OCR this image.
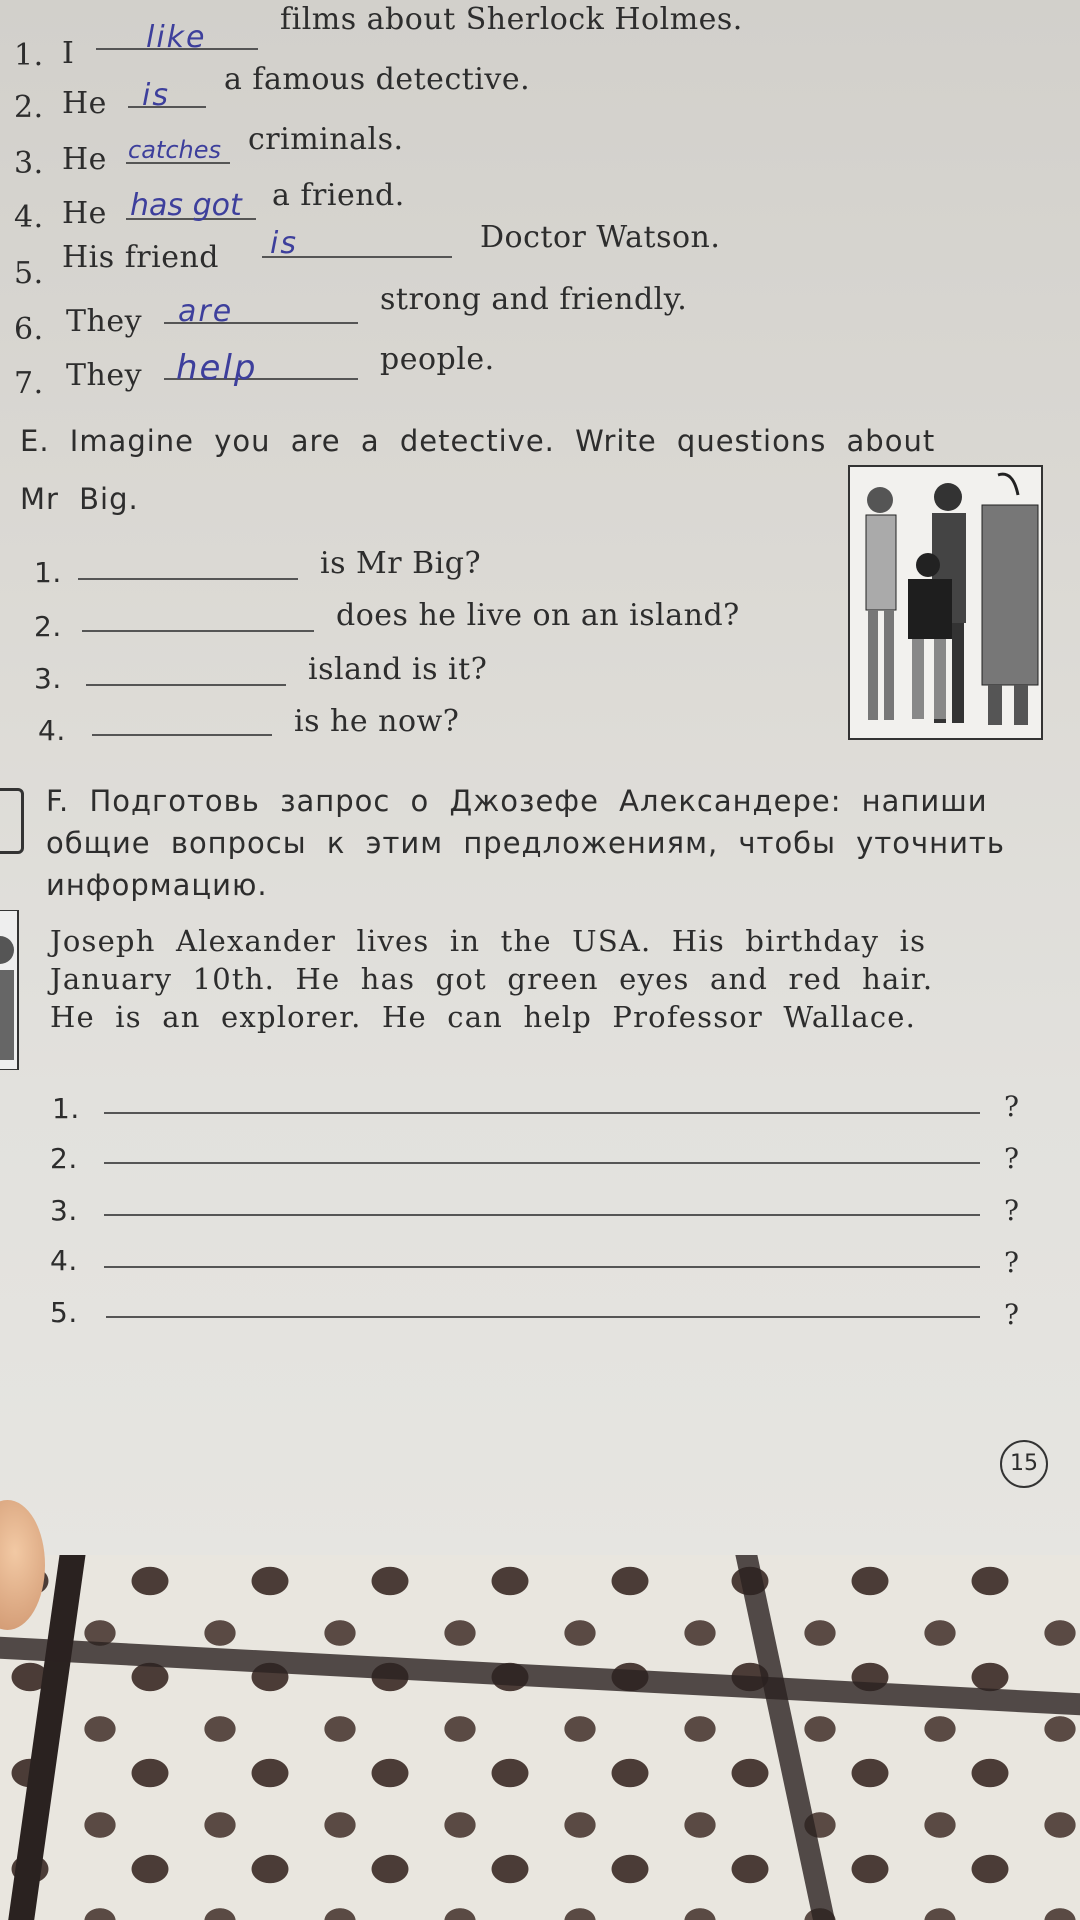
1. I like
films about Sherlock Holmes.
2. He is a famous detective.
3. He catches criminals.
4. He has got a friend.
5. His friend is	Doctor Watson.
6. They are	strong and friendly.
7. They help	people.
E. Imagine you are a detective. Write questions about
Mr Big.
1.	is Mr Big?
2.	does he live on an island?
3.	island is it?
4.	is he now?
F. Подготовь запрос о Джозефе Александере: напиши
общие вопросы к этим предложениям, чтобы уточнить
информацию.
Joseph Alexander lives in the USA. His birthday is
January 10th. He has got green eyes and red hair.
He is an explorer. He can help Professor Wallace.
1.	?
2.	?
3.	?
4.	?
5.	?
15
